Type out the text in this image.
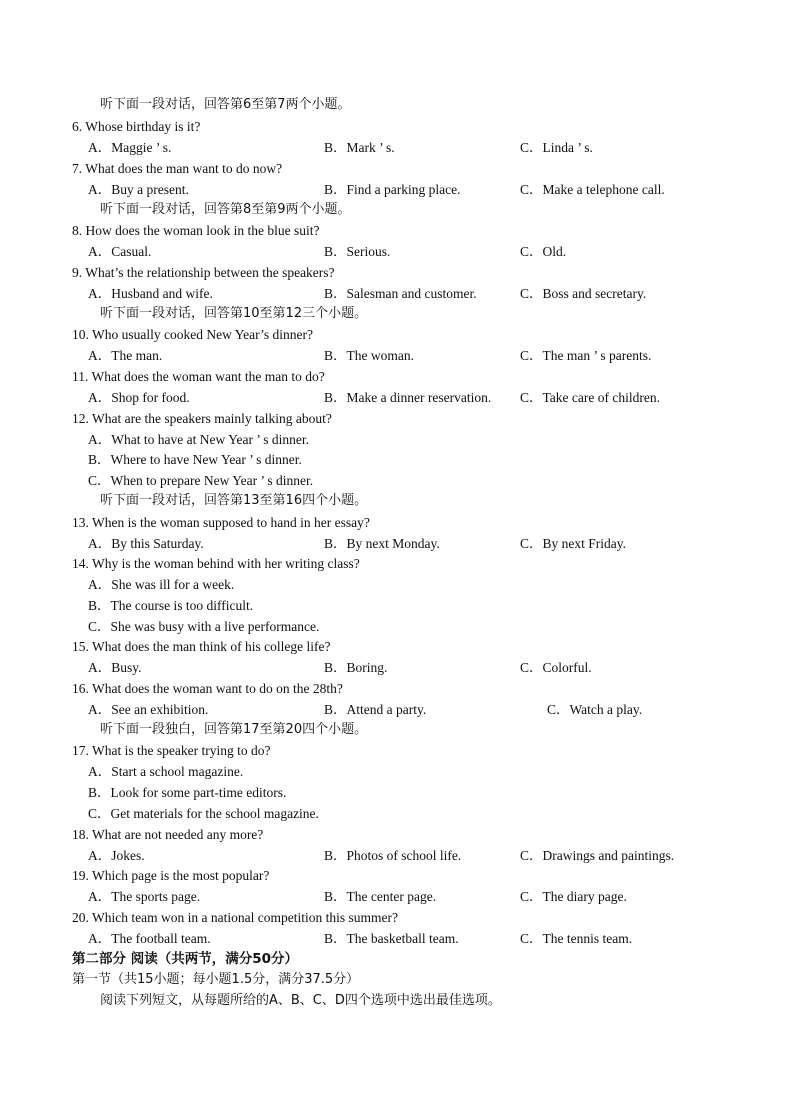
听下面一段对话，回答第6至第7两个小题。
6. Whose birthday is it?
A．Maggie ’ s.	B．Mark ’ s.	C．Linda ’ s.
7. What does the man want to do now?
A．Buy a present.	B．Find a parking place.	C．Make a telephone call.
听下面一段对话，回答第8至第9两个小题。
8. How does the woman look in the blue suit?
A．Casual.	B．Serious.	C．Old.
9. What’s the relationship between the speakers?
A．Husband and wife.	B．Salesman and customer.	C．Boss and secretary.
听下面一段对话，回答第10至第12三个小题。
10. Who usually cooked New Year’s dinner?
A．The man.	B．The woman.	C．The man ’ s parents.
11. What does the woman want the man to do?
A．Shop for food.	B．Make a dinner reservation. C．Take care of children.
12. What are the speakers mainly talking about?
A．What to have at New Year ’ s dinner.
B．Where to have New Year ’ s dinner.
C．When to prepare New Year ’ s dinner.
听下面一段对话，回答第13至第16四个小题。
13. When is the woman supposed to hand in her essay?
A．By this Saturday.	B．By next Monday.	C．By next Friday.
14. Why is the woman behind with her writing class?
A．She was ill for a week.
B．The course is too difficult.
C．She was busy with a live performance.
15. What does the man think of his college life?
A．Busy.	B．Boring.	C．Colorful.
16. What does the woman want to do on the 28th?
A．See an exhibition.	B．Attend a party.	C．Watch a play.
听下面一段独白，回答第17至第20四个小题。
17. What is the speaker trying to do?
A．Start a school magazine.
B．Look for some part-time editors.
C．Get materials for the school magazine.
18. What are not needed any more?
A．Jokes.	B．Photos of school life.	C．Drawings and paintings.
19. Which page is the most popular?
A．The sports page.	B．The center page.	C．The diary page.
20. Which team won in a national competition this summer?
A．The football team.	B．The basketball team.	C．The tennis team.
第二部分 阅读（共两节，满分50分）
第一节（共15小题；每小题1.5分，满分37.5分）
阅读下列短文，从每题所给的A、B、C、D四个选项中选出最佳选项。
